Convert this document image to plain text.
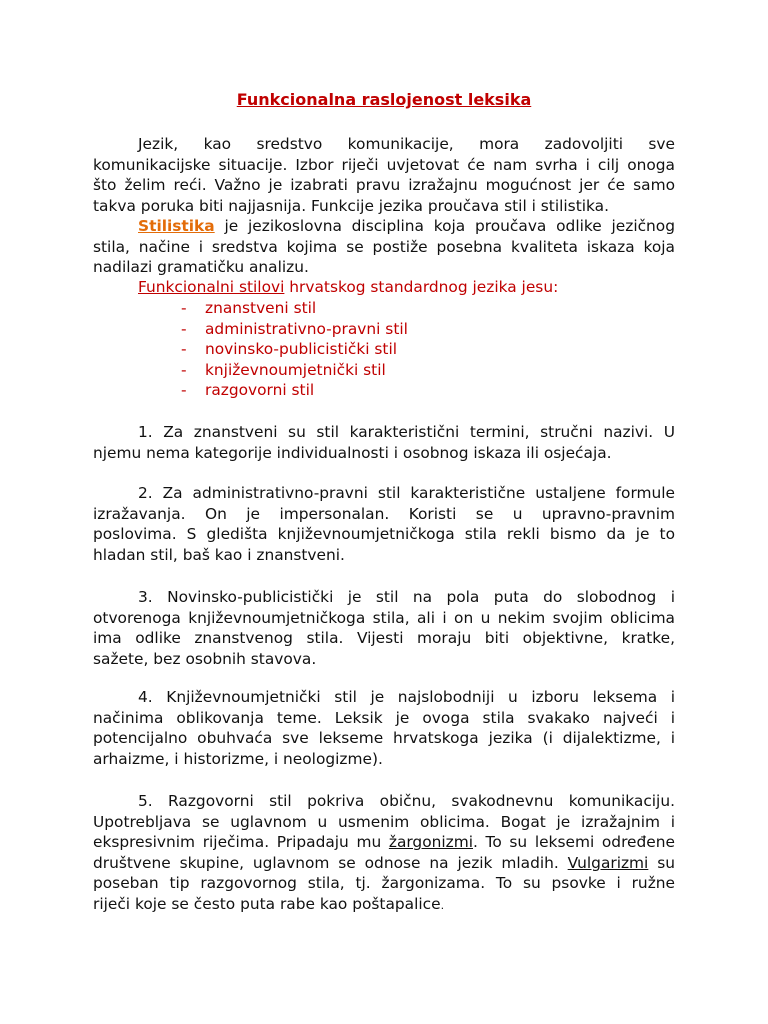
Funkcionalna raslojenost leksika
Jezik, kao sredstvo komunikacije, mora zadovoljiti sve
komunikacijske situacije. Izbor riječi uvjetovat će nam svrha i cilj onoga
što želim reći. Važno je izabrati pravu izražajnu mogućnost jer će samo
takva poruka biti najjasnija. Funkcije jezika proučava stil i stilistika.
Stilistika je jezikoslovna disciplina koja proučava odlike jezičnog
stila, načine i sredstva kojima se postiže posebna kvaliteta iskaza koja
nadilazi gramatičku analizu.
Funkcionalni stilovi hrvatskog standardnog jezika jesu:
- znanstveni stil
- administrativno-pravni stil
- novinsko-publicistički stil
- književnoumjetnički stil
- razgovorni stil
1. Za znanstveni su stil karakteristični termini, stručni nazivi. U
njemu nema kategorije individualnosti i osobnog iskaza ili osjećaja.
2. Za administrativno-pravni stil karakteristične ustaljene formule
izražavanja. On je impersonalan. Koristi se u upravno-pravnim
poslovima. S gledišta književnoumjetničkoga stila rekli bismo da je to
hladan stil, baš kao i znanstveni.
3. Novinsko-publicistički je stil na pola puta do slobodnog i
otvorenoga književnoumjetničkoga stila, ali i on u nekim svojim oblicima
ima odlike znanstvenog stila. Vijesti moraju biti objektivne, kratke,
sažete, bez osobnih stavova.
4. Književnoumjetnički stil je najslobodniji u izboru leksema i
načinima oblikovanja teme. Leksik je ovoga stila svakako najveći i
potencijalno obuhvaća sve lekseme hrvatskoga jezika (i dijalektizme, i
arhaizme, i historizme, i neologizme).
5. Razgovorni stil pokriva običnu, svakodnevnu komunikaciju.
Upotrebljava se uglavnom u usmenim oblicima. Bogat je izražajnim i
ekspresivnim riječima. Pripadaju mu žargonizmi. To su leksemi određene
društvene skupine, uglavnom se odnose na jezik mladih. Vulgarizmi su
poseban tip razgovornog stila, tj. žargonizama. To su psovke i ružne
riječi koje se često puta rabe kao poštapalice.
